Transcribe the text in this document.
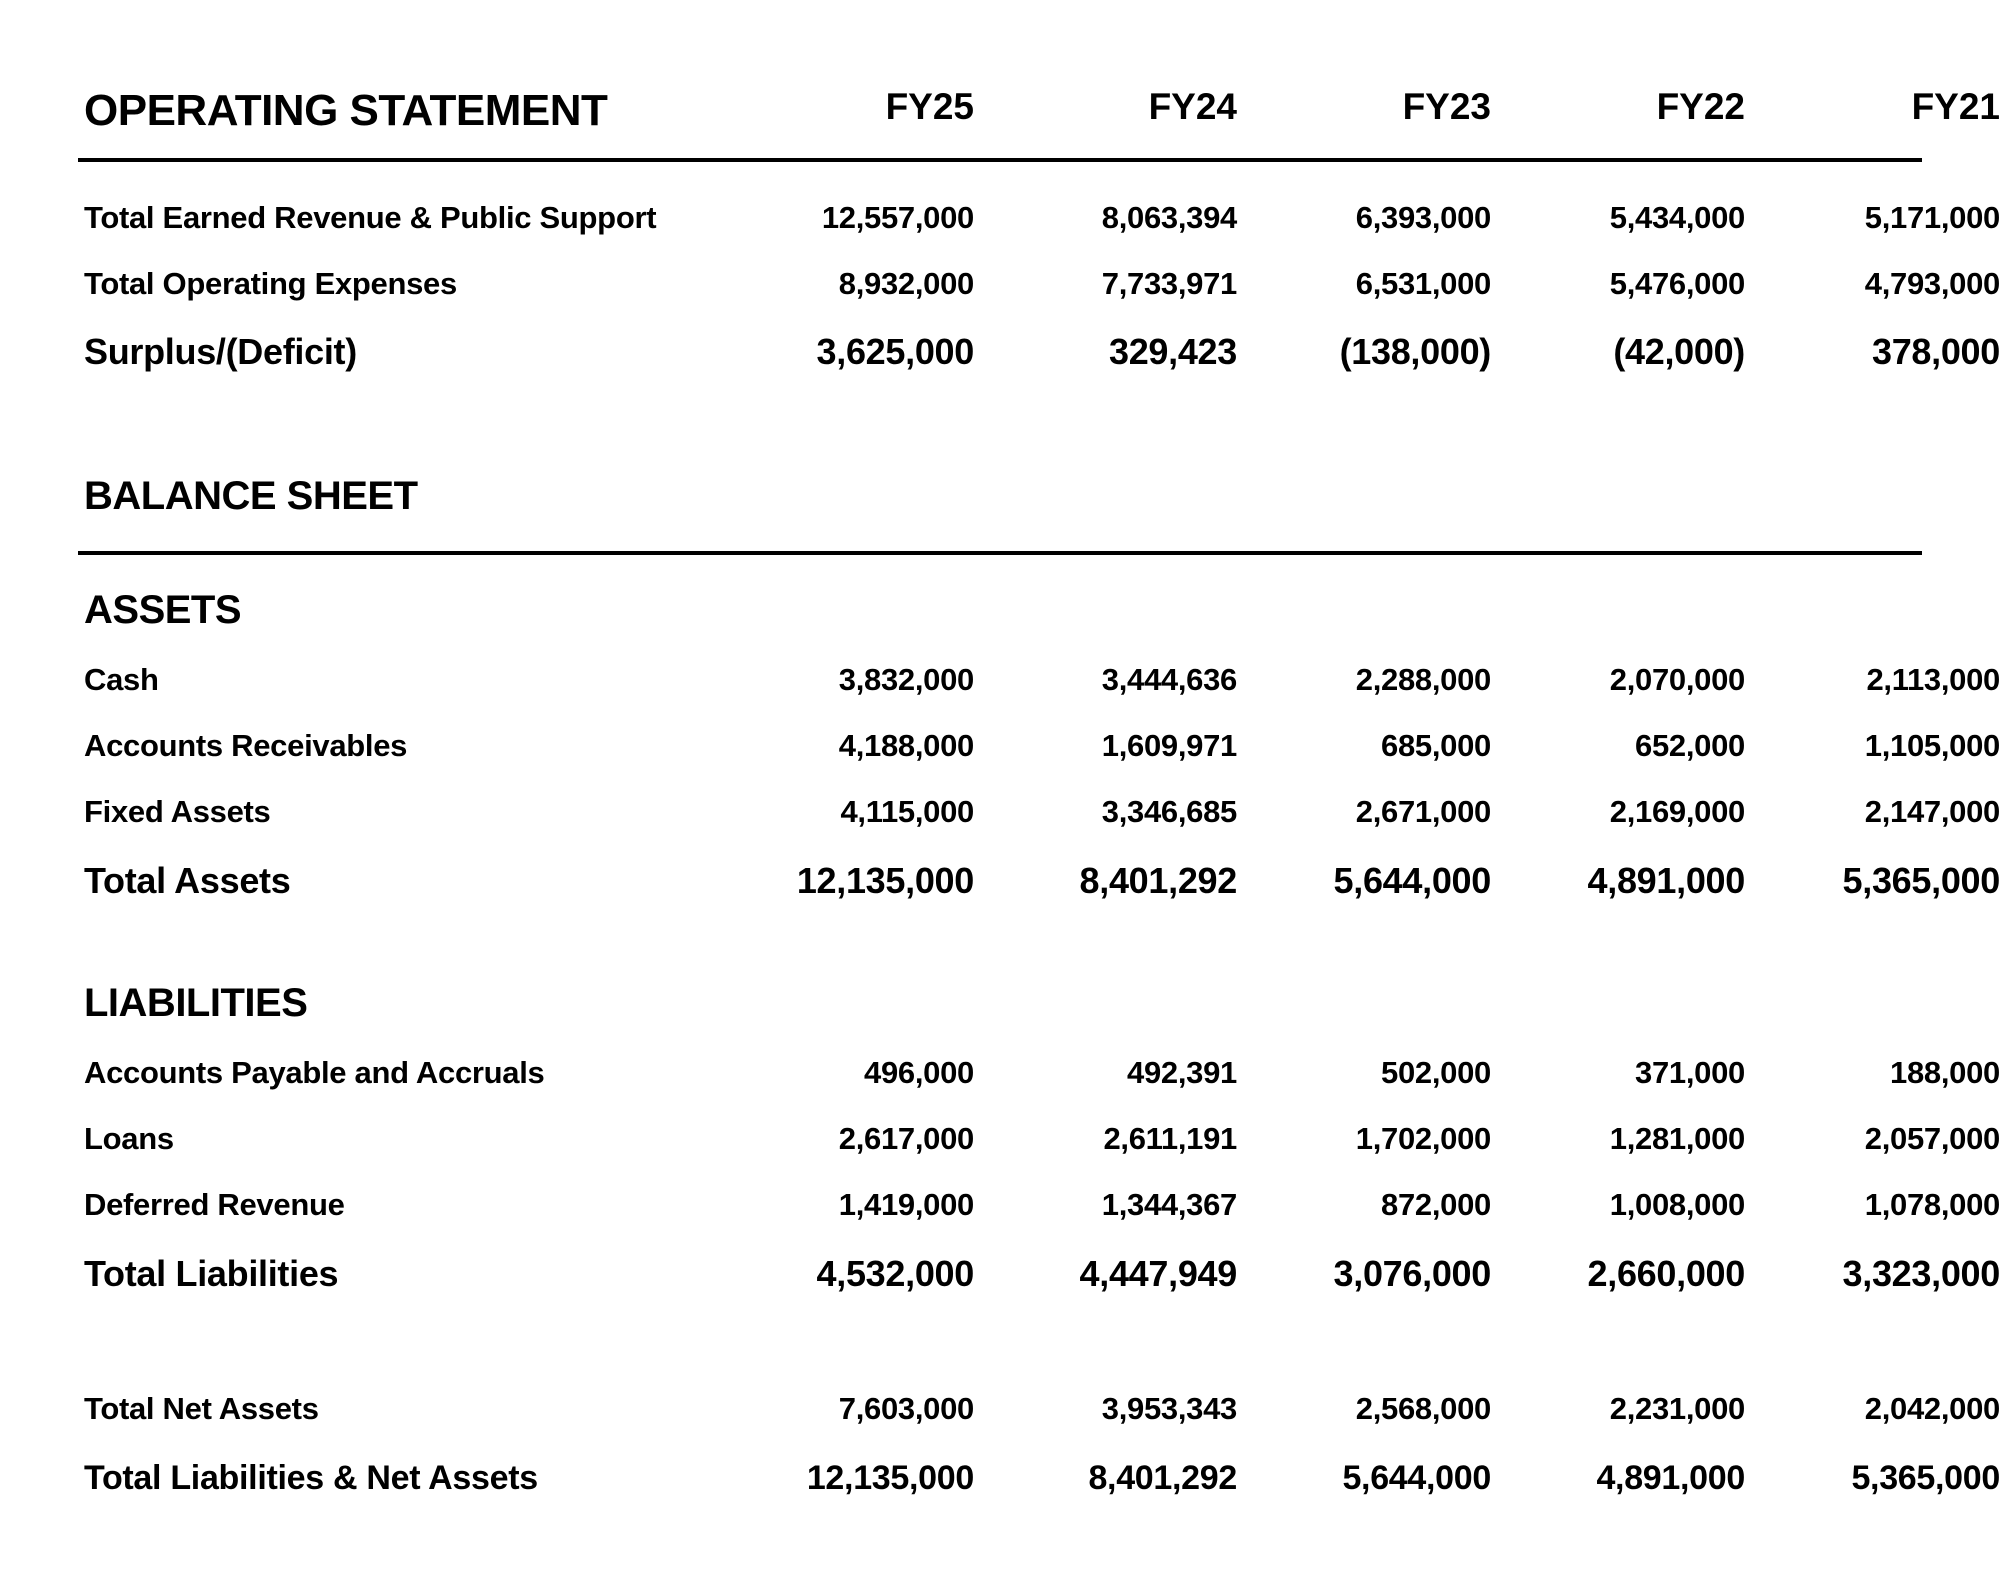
OPERATING STATEMENT	FY25	FY24	FY23	FY22	FY21
Total Earned Revenue & Public Support	12,557,000	8,063,394	6,393,000	5,434,000	5,171,000
Total Operating Expenses	8,932,000	7,733,971	6,531,000	5,476,000	4,793,000
Surplus/(Deficit)	3,625,000	329,423	(138,000)	(42,000)	378,000
BALANCE SHEET
ASSETS
Cash	3,832,000	3,444,636	2,288,000	2,070,000	2,113,000
Accounts Receivables	4,188,000	1,609,971	685,000	652,000	1,105,000
Fixed Assets	4,115,000	3,346,685	2,671,000	2,169,000	2,147,000
Total Assets	12,135,000	8,401,292	5,644,000	4,891,000	5,365,000
LIABILITIES
Accounts Payable and Accruals	496,000	492,391	502,000	371,000	188,000
Loans	2,617,000	2,611,191	1,702,000	1,281,000	2,057,000
Deferred Revenue	1,419,000	1,344,367	872,000	1,008,000	1,078,000
Total Liabilities	4,532,000	4,447,949	3,076,000	2,660,000	3,323,000
Total Net Assets	7,603,000	3,953,343	2,568,000	2,231,000	2,042,000
Total Liabilities & Net Assets	12,135,000	8,401,292	5,644,000	4,891,000	5,365,000
